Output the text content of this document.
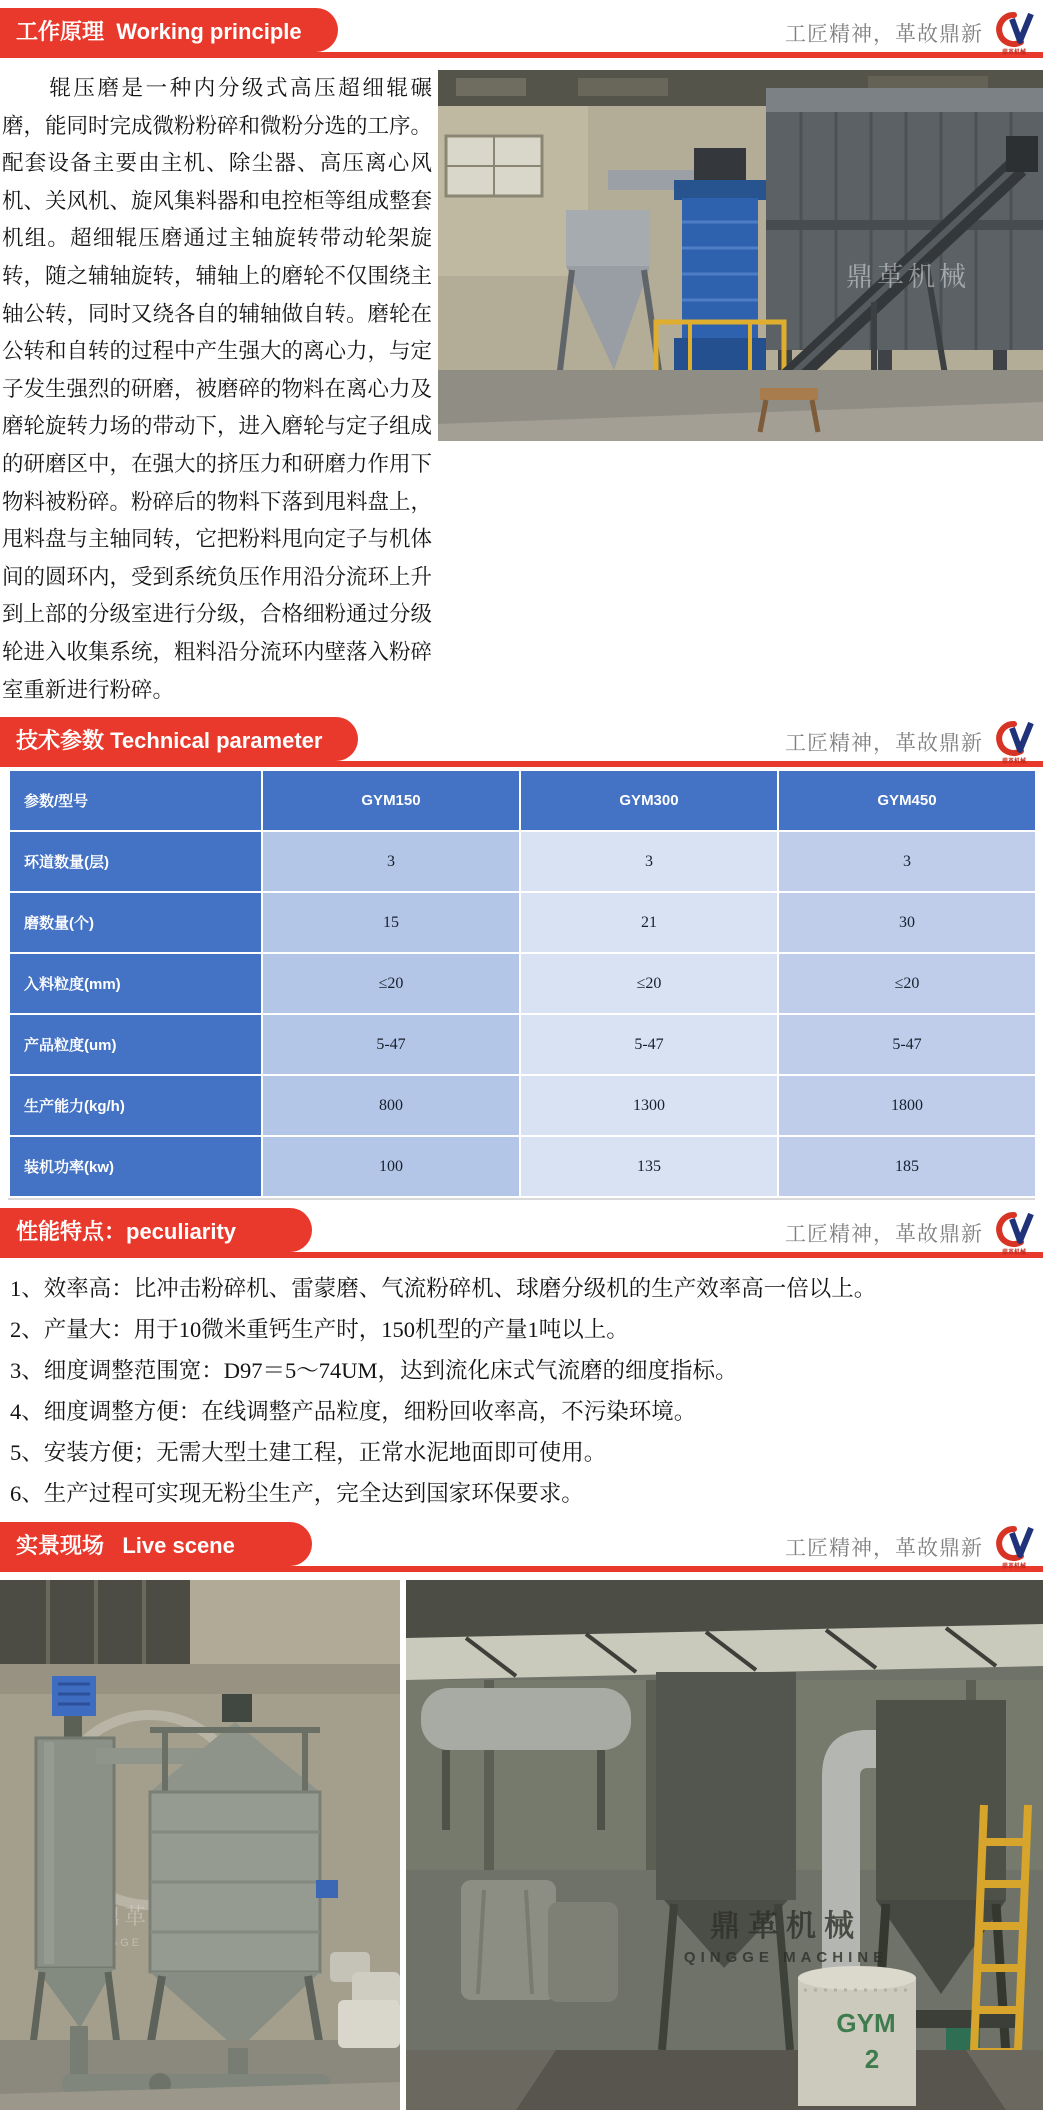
工作原理  Working principle	工匠精神，革故鼎新
鼎革机械
辊压磨是一种内分级式高压超细辊碾磨，能同时完成微粉粉碎和微粉分选的工序。配套设备主要由主机、除尘器、高压离心风机、关风机、旋风集料器和电控柜等组成整套机组。超细辊压磨通过主轴旋转带动轮架旋转，随之辅轴旋转，辅轴上的磨轮不仅围绕主轴公转，同时又绕各自的辅轴做自转。磨轮在公转和自转的过程中产生强大的离心力，与定子发生强烈的研磨，被磨碎的物料在离心力及磨轮旋转力场的带动下，进入磨轮与定子组成的研磨区中，在强大的挤压力和研磨力作用下物料被粉碎。粉碎后的物料下落到甩料盘上，甩料盘与主轴同转，它把粉料甩向定子与机体间的圆环内，受到系统负压作用沿分流环上升到上部的分级室进行分级，合格细粉通过分级轮进入收集系统，粗料沿分流环内壁落入粉碎室重新进行粉碎。
鼎革机械
技术参数 Technical parameter	工匠精神，革故鼎新
鼎革机械
参数/型号	GYM150	GYM300	GYM450
环道数量(层)	3	3	3
磨数量(个)	15	21	30
入料粒度(mm)	≤20	≤20	≤20
产品粒度(um)	5-47	5-47	5-47
生产能力(kg/h)	800	1300	1800
装机功率(kw)	100	135	185
性能特点：peculiarity	工匠精神，革故鼎新
鼎革机械
1、效率高：比冲击粉碎机、雷蒙磨、气流粉碎机、球磨分级机的生产效率高一倍以上。
2、产量大：用于10微米重钙生产时，150机型的产量1吨以上。
3、细度调整范围宽：D97＝5～74UM，达到流化床式气流磨的细度指标。
4、细度调整方便：在线调整产品粒度，细粉回收率高，不污染环境。
5、安装方便；无需大型土建工程，正常水泥地面即可使用。
6、生产过程可实现无粉尘生产，完全达到国家环保要求。
实景现场   Live scene	工匠精神，革故鼎新
鼎革机械
GYM
2
鼎革机械
QINGGE MACHINE
